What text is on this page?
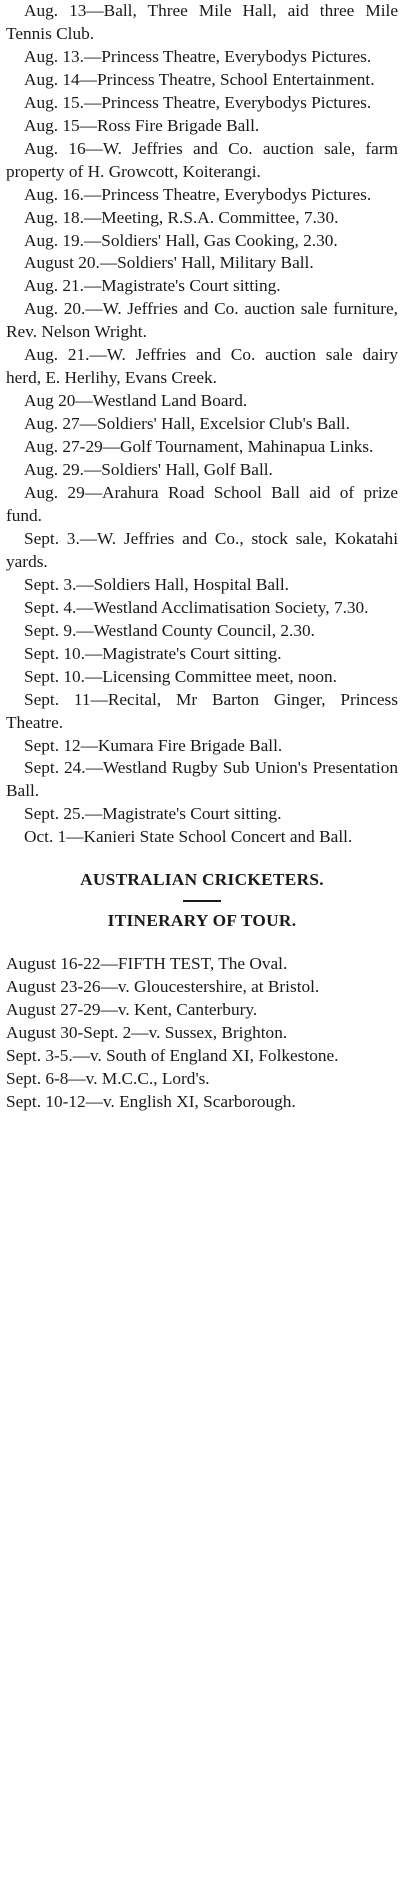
Aug. 13—Ball, Three Mile Hall, aid three Mile Tennis Club.

Aug. 13.—Princess Theatre, Everybodys Pictures.

Aug. 14—Princess Theatre, School Entertainment.

Aug. 15.—Princess Theatre, Everybodys Pictures.

Aug. 15—Ross Fire Brigade Ball.

Aug. 16—W. Jeffries and Co. auction sale, farm property of H. Growcott, Koiterangi.

Aug. 16.—Princess Theatre, Everybodys Pictures.

Aug. 18.—Meeting, R.S.A. Committee, 7.30.

Aug. 19.—Soldiers' Hall, Gas Cooking, 2.30.

August 20.—Soldiers' Hall, Military Ball.

Aug. 21.—Magistrate's Court sitting.

Aug. 20.—W. Jeffries and Co. auction sale furniture, Rev. Nelson Wright.

Aug. 21.—W. Jeffries and Co. auction sale dairy herd, E. Herlihy, Evans Creek.

Aug 20—Westland Land Board.

Aug. 27—Soldiers' Hall, Excelsior Club's Ball.

Aug. 27-29—Golf Tournament, Mahinapua Links.

Aug. 29.—Soldiers' Hall, Golf Ball.

Aug. 29—Arahura Road School Ball aid of prize fund.

Sept. 3.—W. Jeffries and Co., stock sale, Kokatahi yards.

Sept. 3.—Soldiers Hall, Hospital Ball.

Sept. 4.—Westland Acclimatisation Society, 7.30.

Sept. 9.—Westland County Council, 2.30.

Sept. 10.—Magistrate's Court sitting.

Sept. 10.—Licensing Committee meet, noon.

Sept. 11—Recital, Mr Barton Ginger, Princess Theatre.

Sept. 12—Kumara Fire Brigade Ball.

Sept. 24.—Westland Rugby Sub Union's Presentation Ball.

Sept. 25.—Magistrate's Court sitting.

Oct. 1—Kanieri State School Concert and Ball.

AUSTRALIAN CRICKETERS.

ITINERARY OF TOUR.

August 16-22—FIFTH TEST, The Oval.

August 23-26—v. Gloucestershire, at Bristol.

August 27-29—v. Kent, Canterbury.

August 30-Sept. 2—v. Sussex, Brighton.

Sept. 3-5.—v. South of England XI, Folkestone.

Sept. 6-8—v. M.C.C., Lord's.

Sept. 10-12—v. English XI, Scarborough.
